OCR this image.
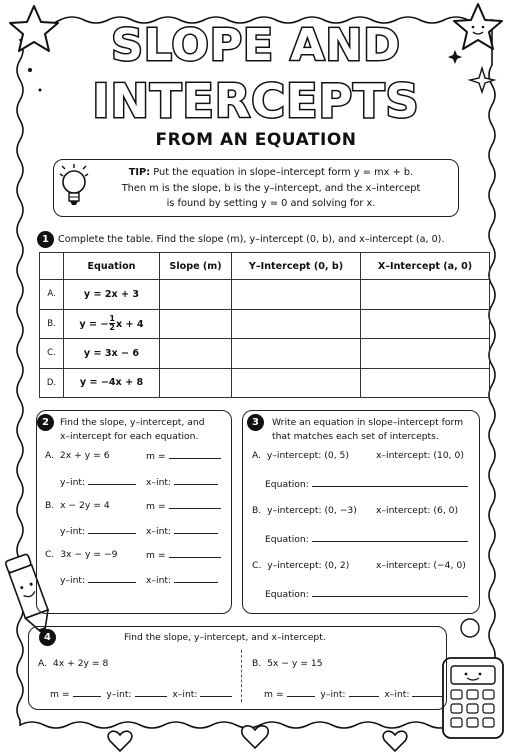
SLOPE AND
INTERCEPTS
FROM AN EQUATION
TIP: Put the equation in slope–intercept form y = mx + b.
Then m is the slope, b is the y–intercept, and the x–intercept
is found by setting y = 0 and solving for x.
1 Complete the table. Find the slope (m), y–intercept (0, b), and x–intercept (a, 0).
	Equation	Slope (m)	Y–Intercept (0, b)	X–Intercept (a, 0)
A.	y = 2x + 3			
B.	y = − $\frac{1}{2}$ x + 4			
C.	y = 3x − 6			
D.	y = −4x + 8			
2	Find the slope, y–intercept, and
x–intercept for each equation.
A. 2x + y = 6	m =
y–int:	x–int:
B. x − 2y = 4	m =
y–int:	x–int:
C. 3x − y = −9	m =
y–int:	x–int:
3	Write an equation in slope–intercept form
that matches each set of intercepts.
A. y–intercept: (0, 5)	x–intercept: (10, 0)
Equation:
B. y–intercept: (0, −3) x–intercept: (6, 0)
Equation:
C. y–intercept: (0, 2)	x–intercept: (−4, 0)
Equation:
4	Find the slope, y–intercept, and x–intercept.
A. 4x + 2y = 8
m =	y–int:	x–int:
B. 5x − y = 15
m =	y–int:	x–int:
